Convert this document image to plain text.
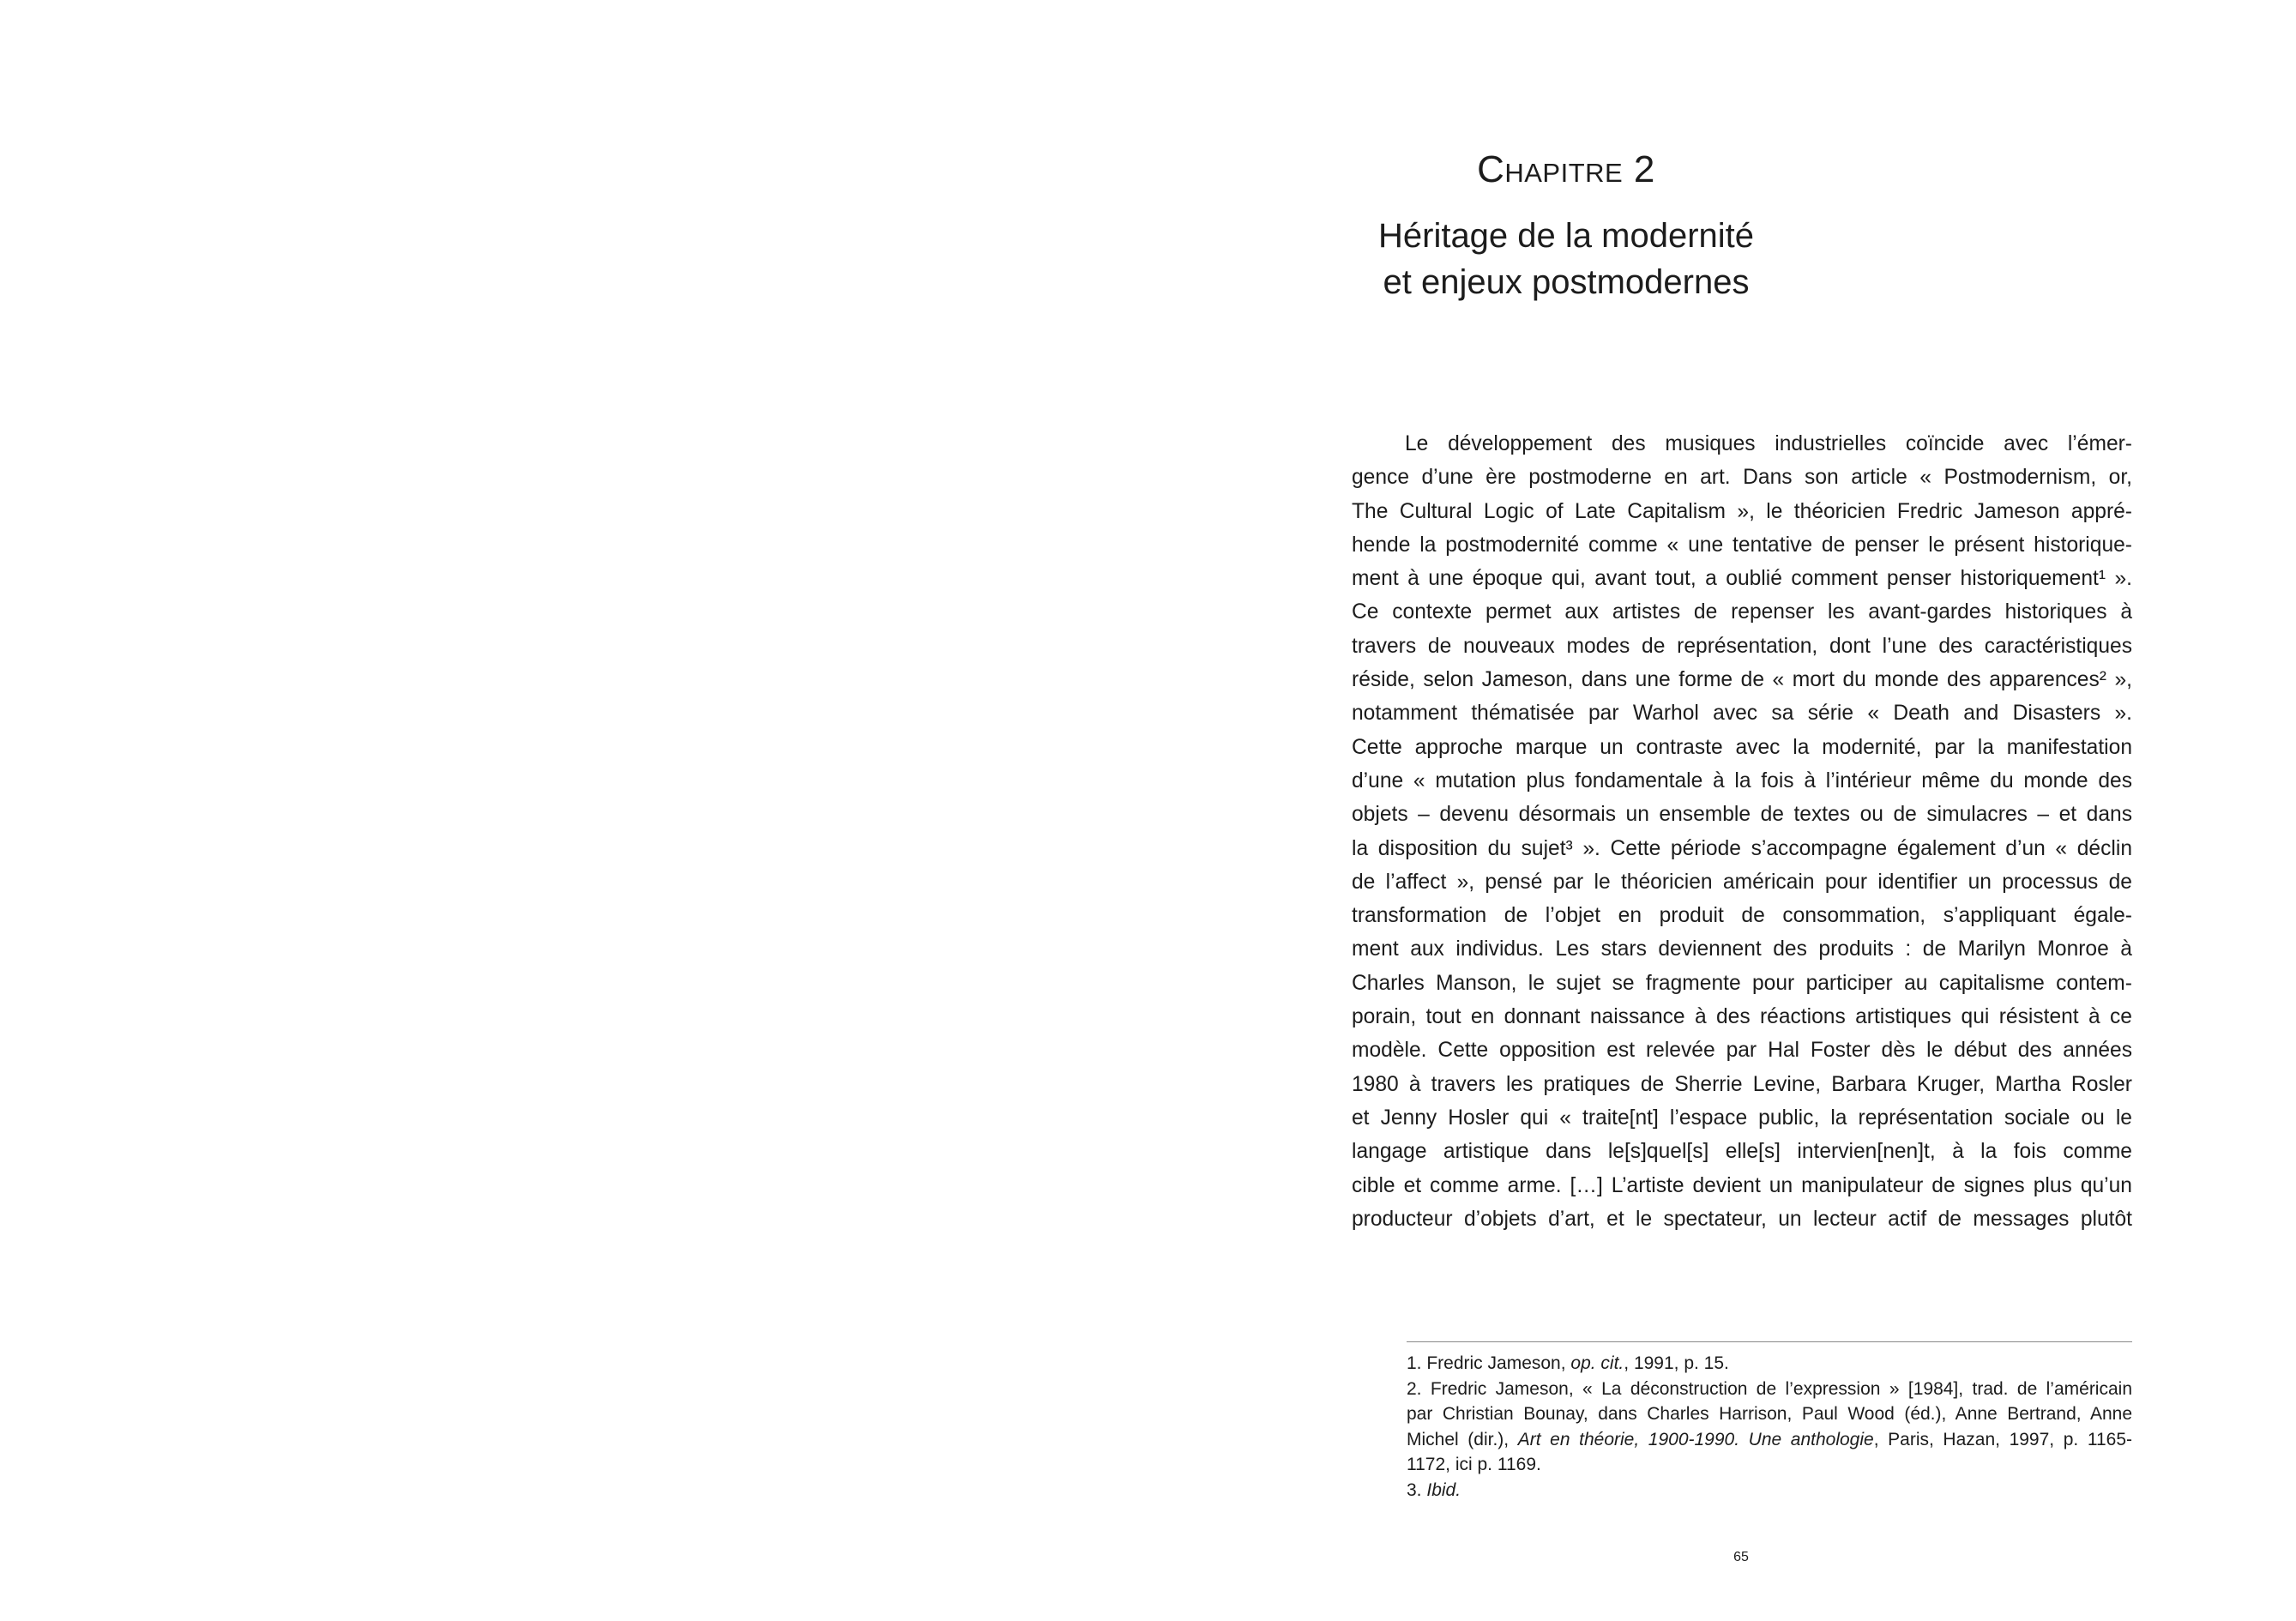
Chapitre 2
Héritage de la modernité
et enjeux postmodernes
Le développement des musiques industrielles coïncide avec l’émer-
gence d’une ère postmoderne en art. Dans son article « Postmodernism, or,
The Cultural Logic of Late Capitalism », le théoricien Fredric Jameson appré-
hende la postmodernité comme « une tentative de penser le présent historique-
ment à une époque qui, avant tout, a oublié comment penser historiquement¹ ».
Ce contexte permet aux artistes de repenser les avant-gardes historiques à
travers de nouveaux modes de représentation, dont l’une des caractéristiques
réside, selon Jameson, dans une forme de « mort du monde des apparences² »,
notamment thématisée par Warhol avec sa série « Death and Disasters ».
Cette approche marque un contraste avec la modernité, par la manifestation
d’une « mutation plus fondamentale à la fois à l’intérieur même du monde des
objets – devenu désormais un ensemble de textes ou de simulacres – et dans
la disposition du sujet³ ». Cette période s’accompagne également d’un « déclin
de l’affect », pensé par le théoricien américain pour identifier un processus de
transformation de l’objet en produit de consommation, s’appliquant égale-
ment aux individus. Les stars deviennent des produits : de Marilyn Monroe à
Charles Manson, le sujet se fragmente pour participer au capitalisme contem-
porain, tout en donnant naissance à des réactions artistiques qui résistent à ce
modèle. Cette opposition est relevée par Hal Foster dès le début des années
1980 à travers les pratiques de Sherrie Levine, Barbara Kruger, Martha Rosler
et Jenny Hosler qui « traite[nt] l’espace public, la représentation sociale ou le
langage artistique dans le[s]quel[s] elle[s] intervien[nen]t, à la fois comme
cible et comme arme. […] L’artiste devient un manipulateur de signes plus qu’un
producteur d’objets d’art, et le spectateur, un lecteur actif de messages plutôt
1. Fredric Jameson, op. cit., 1991, p. 15.
2. Fredric Jameson, « La déconstruction de l’expression » [1984], trad. de l’américain
par Christian Bounay, dans Charles Harrison, Paul Wood (éd.), Anne Bertrand, Anne
Michel (dir.), Art en théorie, 1900-1990. Une anthologie, Paris, Hazan, 1997, p. 1165-
1172, ici p. 1169.
3. Ibid.
65
